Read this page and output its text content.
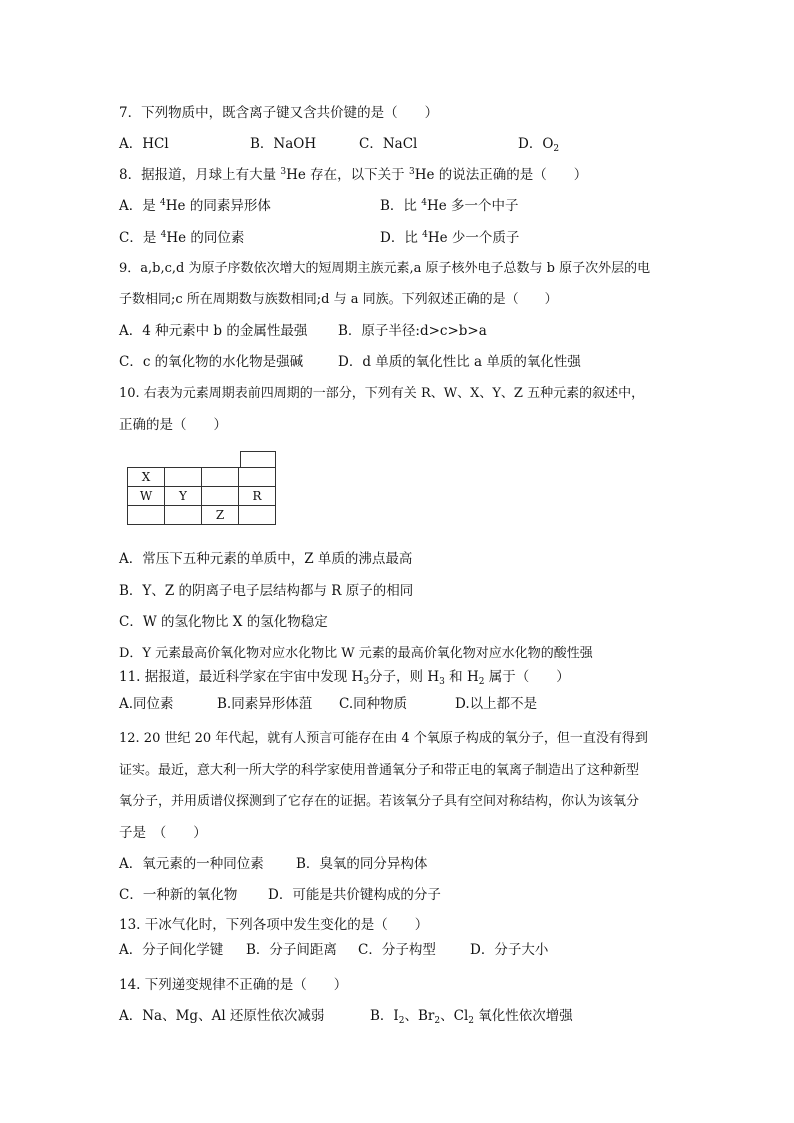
7．下列物质中，既含离子键又含共价键的是（　　）
A．HCl	B．NaOH	C．NaCl	D．$O_2$
8．据报道，月球上有大量 $^3$He 存在，以下关于 $^3$He 的说法正确的是（　　）
A．是 $^4$He 的同素异形体	B．比 $^4$He 多一个中子
C．是 $^4$He 的同位素	D．比 $^4$He 少一个质子
9．a,b,c,d 为原子序数依次增大的短周期主族元素,a 原子核外电子总数与 b 原子次外层的电
子数相同;c 所在周期数与族数相同;d 与 a 同族。下列叙述正确的是（　　）
A．4 种元素中 b 的金属性最强 B．原子半径:d>c>b>a
C．c 的氧化物的水化物是强碱	D．d 单质的氧化性比 a 单质的氧化性强
10. 右表为元素周期表前四周期的一部分，下列有关 R、W、X、Y、Z 五种元素的叙述中，
正确的是（　　）
X			
W	Y		R
		Z	
A．常压下五种元素的单质中，Z 单质的沸点最高
B．Y、Z 的阴离子电子层结构都与 R 原子的相同
C．W 的氢化物比 X 的氢化物稳定
D．Y 元素最高价氧化物对应水化物比 W 元素的最高价氧化物对应水化物的酸性强
11. 据报道，最近科学家在宇宙中发现 $H_3$分子，则 $H_3$ 和 $H_2$ 属于（　　）
A.同位素	B.同素异形体菹 C.同种物质	D.以上都不是
12. 20 世纪 20 年代起，就有人预言可能存在由 4 个氧原子构成的氧分子，但一直没有得到
证实。最近，意大利一所大学的科学家使用普通氧分子和带正电的氧离子制造出了这种新型
氧分子，并用质谱仪探测到了它存在的证据。若该氧分子具有空间对称结构，你认为该氧分
子是　（　　）
A．氧元素的一种同位素 B．臭氧的同分异构体
C．一种新的氧化物 D．可能是共价键构成的分子
13. 干冰气化时，下列各项中发生变化的是（　　）
A．分子间化学键 B．分子间距离 C．分子构型	D．分子大小
14. 下列递变规律不正确的是（　　）
A．Na、Mg、Al 还原性依次减弱	B．$I_2$、$Br_2$、$Cl_2$ 氧化性依次增强
